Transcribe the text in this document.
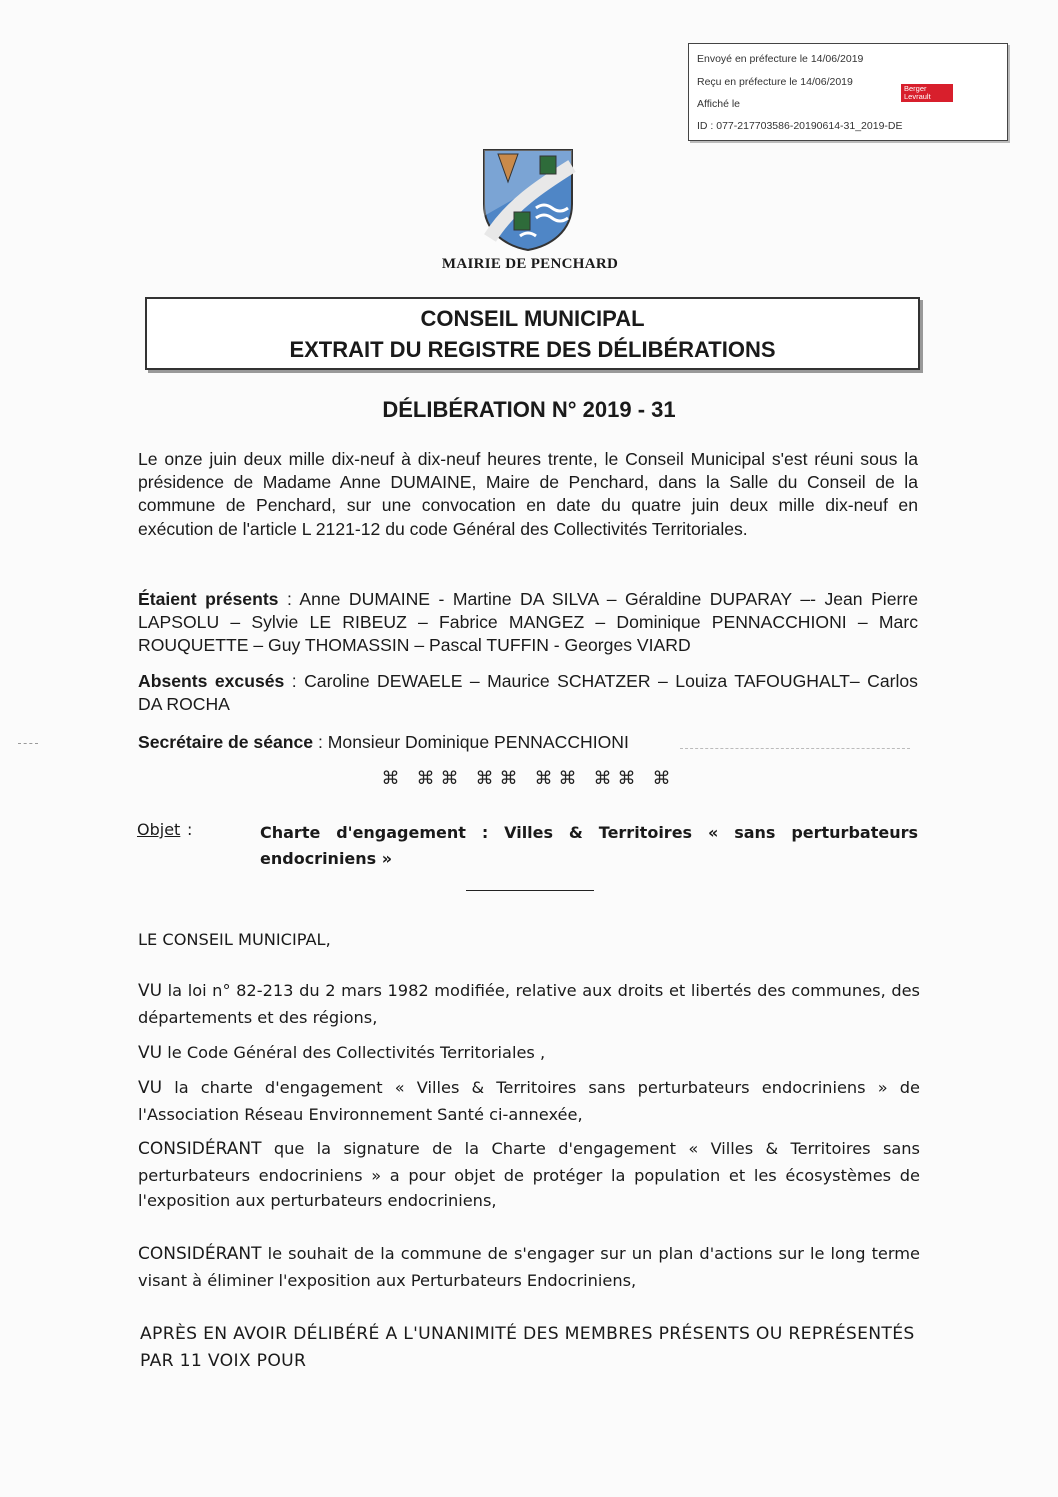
Envoyé en préfecture le 14/06/2019
Reçu en préfecture le 14/06/2019
Affiché le
ID : 077-217703586-20190614-31_2019-DE
Berger Levrault
MAIRIE DE PENCHARD
CONSEIL MUNICIPAL
EXTRAIT DU REGISTRE DES DÉLIBÉRATIONS
DÉLIBÉRATION N° 2019 - 31
Le onze juin deux mille dix-neuf à dix-neuf heures trente, le Conseil Municipal s'est réuni sous la présidence de Madame Anne DUMAINE, Maire de Penchard, dans la Salle du Conseil de la commune de Penchard, sur une convocation en date du quatre juin deux mille dix-neuf en exécution de l'article L 2121-12 du code Général des Collectivités Territoriales.
Étaient présents : Anne DUMAINE - Martine DA SILVA – Géraldine DUPARAY –- Jean Pierre LAPSOLU – Sylvie LE RIBEUZ – Fabrice MANGEZ – Dominique PENNACCHIONI – Marc ROUQUETTE – Guy THOMASSIN – Pascal TUFFIN - Georges VIARD
Absents excusés : Caroline DEWAELE – Maurice SCHATZER – Louiza TAFOUGHALT– Carlos DA ROCHA
Secrétaire de séance : Monsieur Dominique PENNACCHIONI
⌘ ⌘⌘ ⌘⌘ ⌘⌘ ⌘⌘ ⌘
Objet :	Charte d'engagement : Villes & Territoires « sans perturbateurs endocriniens »
LE CONSEIL MUNICIPAL,
VU la loi n° 82-213 du 2 mars 1982 modifiée, relative aux droits et libertés des communes, des départements et des régions,
VU le Code Général des Collectivités Territoriales ,
VU la charte d'engagement « Villes & Territoires sans perturbateurs endocriniens » de l'Association Réseau Environnement Santé ci-annexée,
CONSIDÉRANT que la signature de la Charte d'engagement « Villes & Territoires sans perturbateurs endocriniens » a pour objet de protéger la population et les écosystèmes de l'exposition aux perturbateurs endocriniens,
CONSIDÉRANT le souhait de la commune de s'engager sur un plan d'actions sur le long terme visant à éliminer l'exposition aux Perturbateurs Endocriniens,
APRÈS EN AVOIR DÉLIBÉRÉ A L'UNANIMITÉ DES MEMBRES PRÉSENTS OU REPRÉSENTÉS PAR 11 VOIX POUR
